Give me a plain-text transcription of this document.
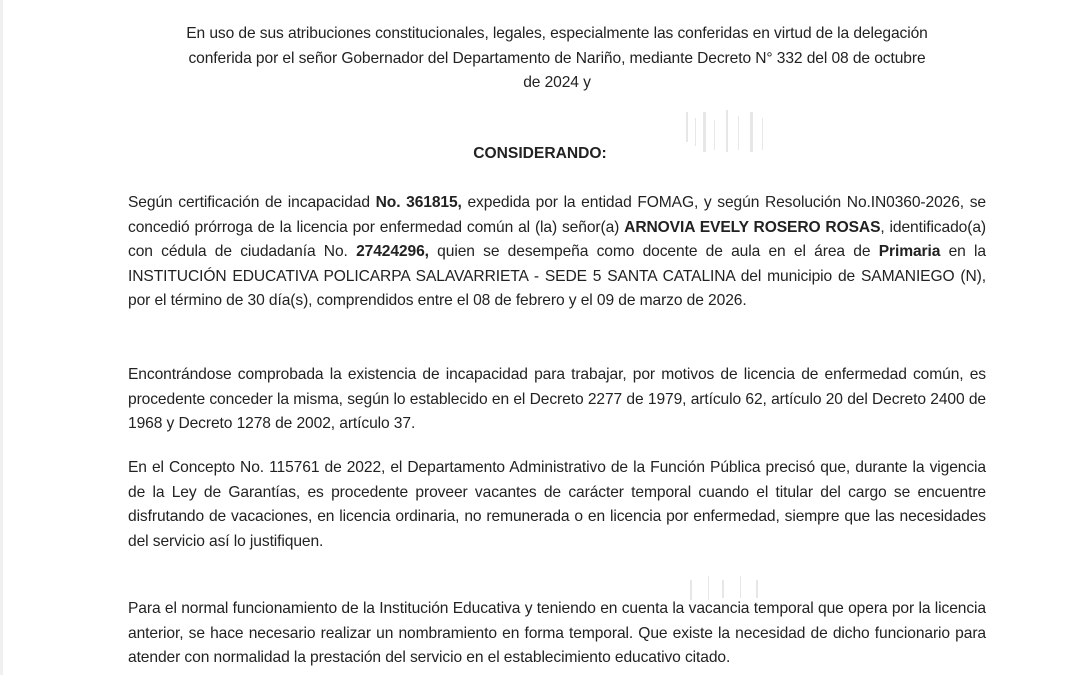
En uso de sus atribuciones constitucionales, legales, especialmente las conferidas en virtud de la delegación
conferida por el señor Gobernador del Departamento de Nariño, mediante Decreto N° 332 del 08 de octubre
de 2024 y

CONSIDERANDO:

Según certificación de incapacidad No. 361815, expedida por la entidad FOMAG, y según Resolución No.IN0360-2026, se concedió prórroga de la licencia por enfermedad común al (la) señor(a) ARNOVIA EVELY ROSERO ROSAS, identificado(a) con cédula de ciudadanía No. 27424296, quien se desempeña como docente de aula en el área de Primaria en la INSTITUCIÓN EDUCATIVA POLICARPA SALAVARRIETA - SEDE 5 SANTA CATALINA del municipio de SAMANIEGO (N), por el término de 30 día(s), comprendidos entre el 08 de febrero y el 09 de marzo de 2026.

Encontrándose comprobada la existencia de incapacidad para trabajar, por motivos de licencia de enfermedad común, es procedente conceder la misma, según lo establecido en el Decreto 2277 de 1979, artículo 62, artículo 20 del Decreto 2400 de 1968 y Decreto 1278 de 2002, artículo 37.

En el Concepto No. 115761 de 2022, el Departamento Administrativo de la Función Pública precisó que, durante la vigencia de la Ley de Garantías, es procedente proveer vacantes de carácter temporal cuando el titular del cargo se encuentre disfrutando de vacaciones, en licencia ordinaria, no remunerada o en licencia por enfermedad, siempre que las necesidades del servicio así lo justifiquen.

Para el normal funcionamiento de la Institución Educativa y teniendo en cuenta la vacancia temporal que opera por la licencia anterior, se hace necesario realizar un nombramiento en forma temporal. Que existe la necesidad de dicho funcionario para atender con normalidad la prestación del servicio en el establecimiento educativo citado.
